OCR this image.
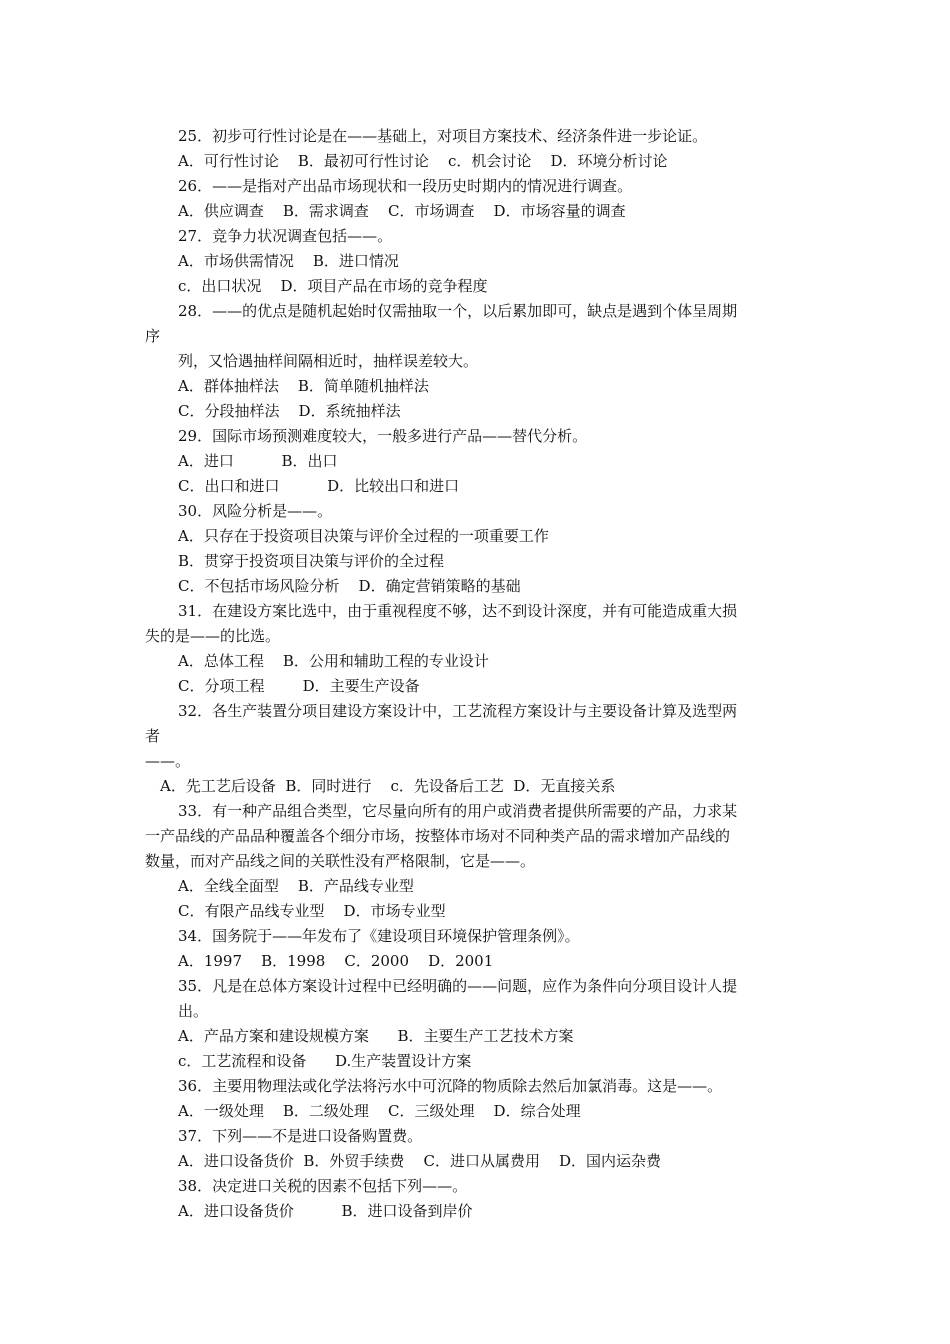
25．初步可行性讨论是在——基础上，对项目方案技术、经济条件进一步论证。
A．可行性讨论    B．最初可行性讨论    c．机会讨论    D．环境分析讨论
26．——是指对产出品市场现状和一段历史时期内的情况进行调查。
A．供应调查    B．需求调查    C．市场调查    D．市场容量的调查
27．竞争力状况调查包括——。
A．市场供需情况    B．进口情况
c．出口状况    D．项目产品在市场的竞争程度
28．——的优点是随机起始时仅需抽取一个，以后累加即可，缺点是遇到个体呈周期
序
列，又恰遇抽样间隔相近时，抽样误差较大。
A．群体抽样法    B．简单随机抽样法
C．分段抽样法    D．系统抽样法
29．国际市场预测难度较大，一般多进行产品——替代分析。
A．进口          B．出口
C．出口和进口          D．比较出口和进口
30．风险分析是——。
A．只存在于投资项目决策与评价全过程的一项重要工作
B．贯穿于投资项目决策与评价的全过程
C．不包括市场风险分析    D．确定营销策略的基础
31．在建设方案比选中，由于重视程度不够，达不到设计深度，并有可能造成重大损
失的是——的比选。
A．总体工程    B．公用和辅助工程的专业设计
C．分项工程        D．主要生产设备
32．各生产装置分项目建设方案设计中，工艺流程方案设计与主要设备计算及选型两
者
——。
A．先工艺后设备  B．同时进行    c．先设备后工艺  D．无直接关系
33．有一种产品组合类型，它尽量向所有的用户或消费者提供所需要的产品，力求某
一产品线的产品品种覆盖各个细分市场，按整体市场对不同种类产品的需求增加产品线的
数量，而对产品线之间的关联性没有严格限制，它是——。
A．全线全面型    B．产品线专业型
C．有限产品线专业型    D．市场专业型
34．国务院于——年发布了《建设项目环境保护管理条例》。
A．1997    B．1998    C．2000    D．2001
35．凡是在总体方案设计过程中已经明确的——问题，应作为条件向分项目设计人提
出。
A．产品方案和建设规模方案      B．主要生产工艺技术方案
c．工艺流程和设备      D.生产装置设计方案
36．主要用物理法或化学法将污水中可沉降的物质除去然后加氯消毒。这是——。
A．一级处理    B．二级处理    C．三级处理    D．综合处理
37．下列——不是进口设备购置费。
A．进口设备货价  B．外贸手续费    C．进口从属费用    D．国内运杂费
38．决定进口关税的因素不包括下列——。
A．进口设备货价          B．进口设备到岸价
